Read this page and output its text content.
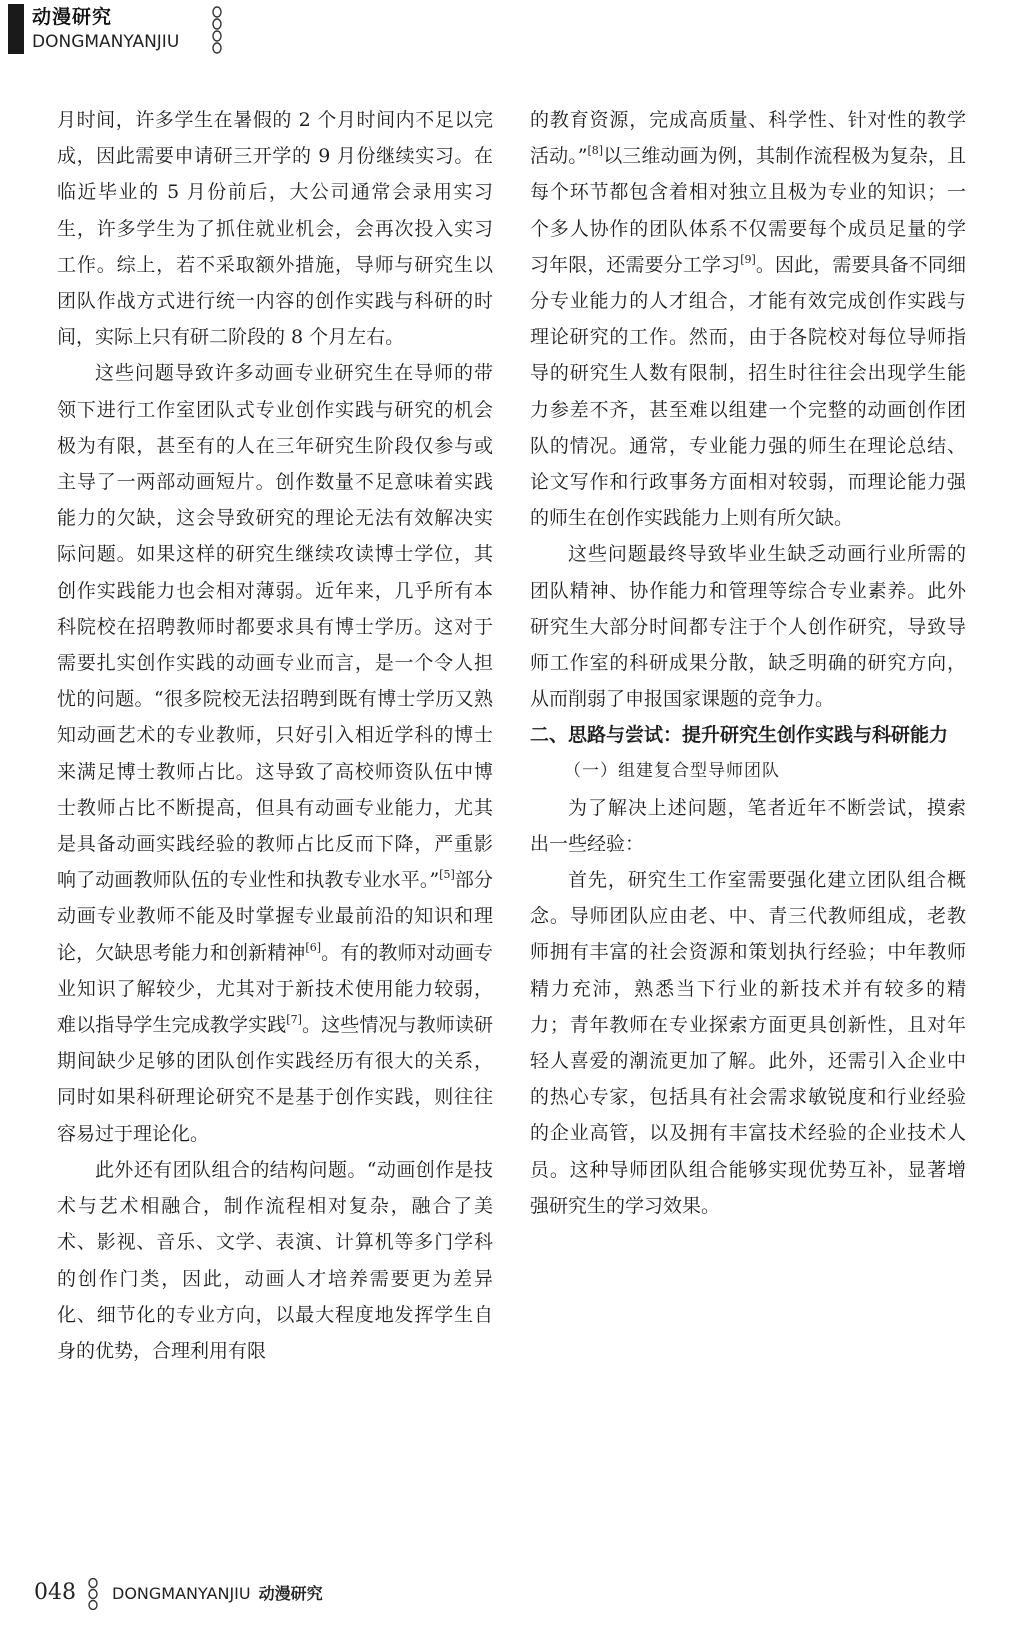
动漫研究
DONGMANYANJIU

月时间，许多学生在暑假的 2 个月时间内不足以完成，因此需要申请研三开学的 9 月份继续实习。在临近毕业的 5 月份前后，大公司通常会录用实习生，许多学生为了抓住就业机会，会再次投入实习工作。综上，若不采取额外措施，导师与研究生以团队作战方式进行统一内容的创作实践与科研的时间，实际上只有研二阶段的 8 个月左右。

这些问题导致许多动画专业研究生在导师的带领下进行工作室团队式专业创作实践与研究的机会极为有限，甚至有的人在三年研究生阶段仅参与或主导了一两部动画短片。创作数量不足意味着实践能力的欠缺，这会导致研究的理论无法有效解决实际问题。如果这样的研究生继续攻读博士学位，其创作实践能力也会相对薄弱。近年来，几乎所有本科院校在招聘教师时都要求具有博士学历。这对于需要扎实创作实践的动画专业而言，是一个令人担忧的问题。“很多院校无法招聘到既有博士学历又熟知动画艺术的专业教师，只好引入相近学科的博士来满足博士教师占比。这导致了高校师资队伍中博士教师占比不断提高，但具有动画专业能力，尤其是具备动画实践经验的教师占比反而下降，严重影响了动画教师队伍的专业性和执教专业水平。”[5]部分动画专业教师不能及时掌握专业最前沿的知识和理论，欠缺思考能力和创新精神[6]。有的教师对动画专业知识了解较少，尤其对于新技术使用能力较弱，难以指导学生完成教学实践[7]。这些情况与教师读研期间缺少足够的团队创作实践经历有很大的关系，同时如果科研理论研究不是基于创作实践，则往往容易过于理论化。

此外还有团队组合的结构问题。“动画创作是技术与艺术相融合，制作流程相对复杂，融合了美术、影视、音乐、文学、表演、计算机等多门学科的创作门类，因此，动画人才培养需要更为差异化、细节化的专业方向，以最大程度地发挥学生自身的优势，合理利用有限

的教育资源，完成高质量、科学性、针对性的教学活动。”[8]以三维动画为例，其制作流程极为复杂，且每个环节都包含着相对独立且极为专业的知识；一个多人协作的团队体系不仅需要每个成员足量的学习年限，还需要分工学习[9]。因此，需要具备不同细分专业能力的人才组合，才能有效完成创作实践与理论研究的工作。然而，由于各院校对每位导师指导的研究生人数有限制，招生时往往会出现学生能力参差不齐，甚至难以组建一个完整的动画创作团队的情况。通常，专业能力强的师生在理论总结、论文写作和行政事务方面相对较弱，而理论能力强的师生在创作实践能力上则有所欠缺。

这些问题最终导致毕业生缺乏动画行业所需的团队精神、协作能力和管理等综合专业素养。此外研究生大部分时间都专注于个人创作研究，导致导师工作室的科研成果分散，缺乏明确的研究方向，从而削弱了申报国家课题的竞争力。

二、思路与尝试：提升研究生创作实践与科研能力

（一）组建复合型导师团队

为了解决上述问题，笔者近年不断尝试，摸索出一些经验：

首先，研究生工作室需要强化建立团队组合概念。导师团队应由老、中、青三代教师组成，老教师拥有丰富的社会资源和策划执行经验；中年教师精力充沛，熟悉当下行业的新技术并有较多的精力；青年教师在专业探索方面更具创新性，且对年轻人喜爱的潮流更加了解。此外，还需引入企业中的热心专家，包括具有社会需求敏锐度和行业经验的企业高管，以及拥有丰富技术经验的企业技术人员。这种导师团队组合能够实现优势互补，显著增强研究生的学习效果。

048 DONGMANYANJIU 动漫研究
